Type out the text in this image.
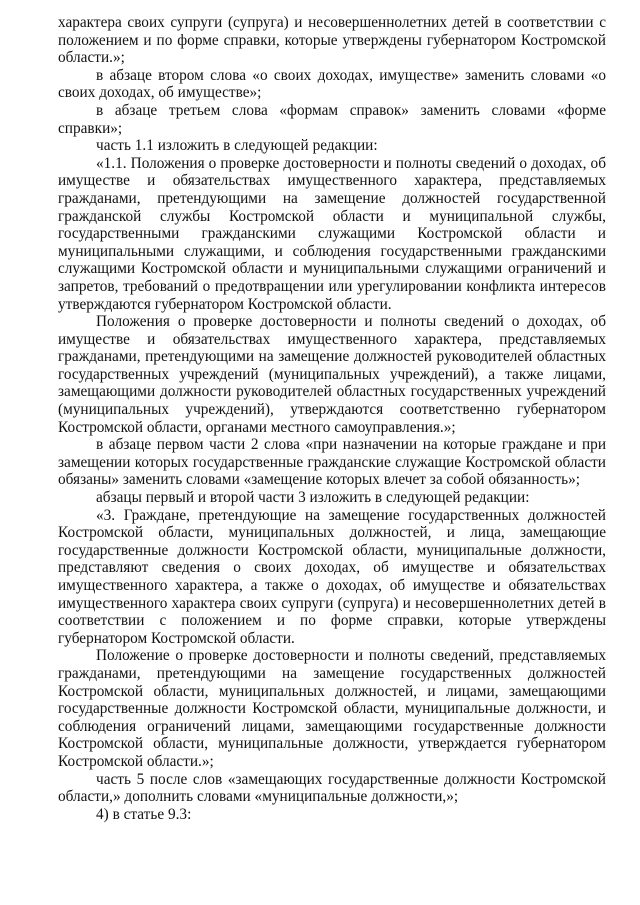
характера своих супруги (супруга) и несовершеннолетних детей в соответствии с положением и по форме справки, которые утверждены губернатором Костромской области.»;

в абзаце втором слова «о своих доходах, имуществе» заменить словами «о своих доходах, об имуществе»;

в абзаце третьем слова «формам справок» заменить словами «форме справки»;

часть 1.1 изложить в следующей редакции:

«1.1. Положения о проверке достоверности и полноты сведений о доходах, об имуществе и обязательствах имущественного характера, представляемых гражданами, претендующими на замещение должностей государственной гражданской службы Костромской области и муниципальной службы, государственными гражданскими служащими Костромской области и муниципальными служащими, и соблюдения государственными гражданскими служащими Костромской области и муниципальными служащими ограничений и запретов, требований о предотвращении или урегулировании конфликта интересов утверждаются губернатором Костромской области.

Положения о проверке достоверности и полноты сведений о доходах, об имуществе и обязательствах имущественного характера, представляемых гражданами, претендующими на замещение должностей руководителей областных государственных учреждений (муниципальных учреждений), а также лицами, замещающими должности руководителей областных государственных учреждений (муниципальных учреждений), утверждаются соответственно губернатором Костромской области, органами местного самоуправления.»;

в абзаце первом части 2 слова «при назначении на которые граждане и при замещении которых государственные гражданские служащие Костромской области обязаны» заменить словами «замещение которых влечет за собой обязанность»;

абзацы первый и второй части 3 изложить в следующей редакции:

«3. Граждане, претендующие на замещение государственных должностей Костромской области, муниципальных должностей, и лица, замещающие государственные должности Костромской области, муниципальные должности, представляют сведения о своих доходах, об имуществе и обязательствах имущественного характера, а также о доходах, об имуществе и обязательствах имущественного характера своих супруги (супруга) и несовершеннолетних детей в соответствии с положением и по форме справки, которые утверждены губернатором Костромской области.

Положение о проверке достоверности и полноты сведений, представляемых гражданами, претендующими на замещение государственных должностей Костромской области, муниципальных должностей, и лицами, замещающими государственные должности Костромской области, муниципальные должности, и соблюдения ограничений лицами, замещающими государственные должности Костромской области, муниципальные должности, утверждается губернатором Костромской области.»;

часть 5 после слов «замещающих государственные должности Костромской области,» дополнить словами «муниципальные должности,»;

4) в статье 9.3:
